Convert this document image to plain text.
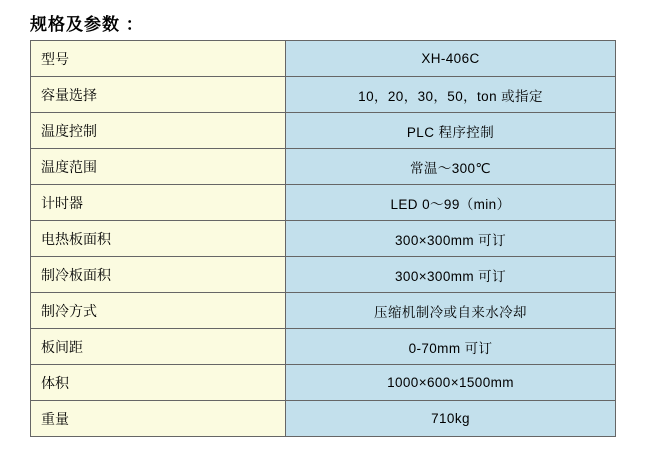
规格及参数 ：
型号	XH-406C
容量选择	10，20，30，50，ton 或指定
温度控制	PLC 程序控制
温度范围	常温～300℃
计时器	LED 0～99（min）
电热板面积	300×300mm 可订
制冷板面积	300×300mm 可订
制冷方式	压缩机制冷或自来水冷却
板间距	0-70mm 可订
体积	1000×600×1500mm
重量	710kg
